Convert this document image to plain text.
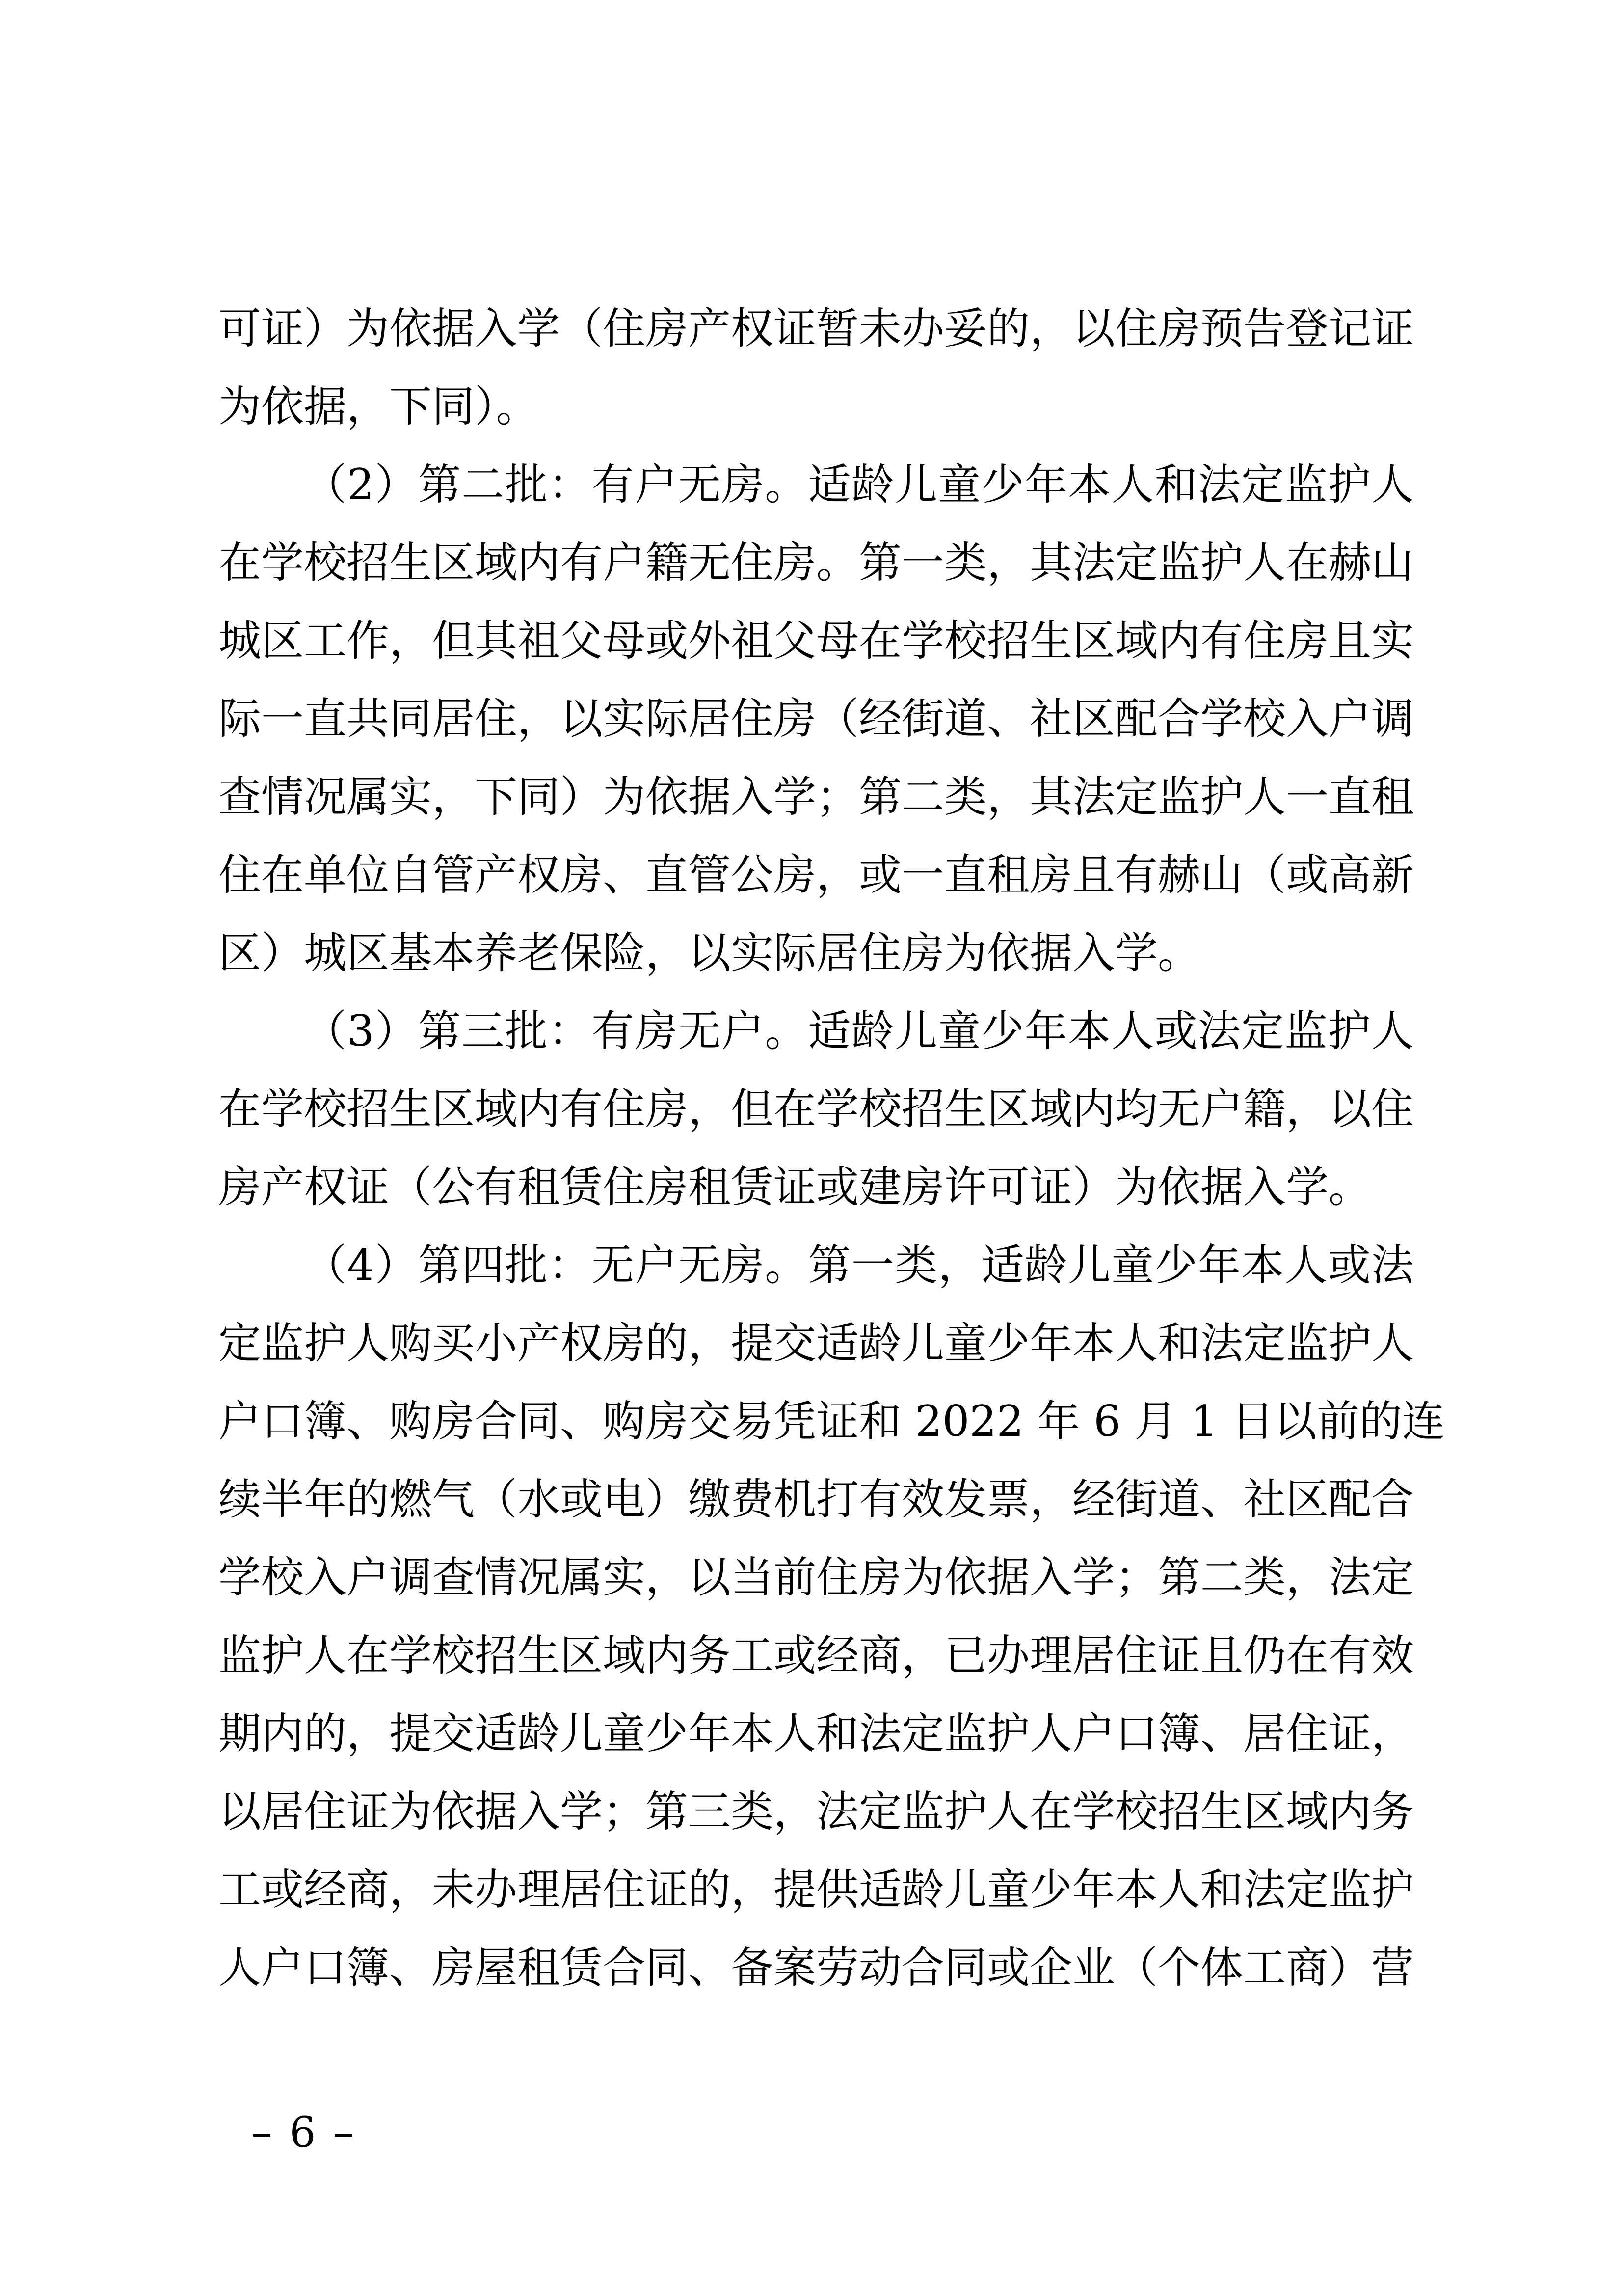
可证）为依据入学（住房产权证暂未办妥的，以住房预告登记证
为依据，下同）。
（2）第二批：有户无房。适龄儿童少年本人和法定监护人
在学校招生区域内有户籍无住房。第一类，其法定监护人在赫山
城区工作，但其祖父母或外祖父母在学校招生区域内有住房且实
际一直共同居住，以实际居住房（经街道、社区配合学校入户调
查情况属实，下同）为依据入学；第二类，其法定监护人一直租
住在单位自管产权房、直管公房，或一直租房且有赫山（或高新
区）城区基本养老保险，以实际居住房为依据入学。
（3）第三批：有房无户。适龄儿童少年本人或法定监护人
在学校招生区域内有住房，但在学校招生区域内均无户籍，以住
房产权证（公有租赁住房租赁证或建房许可证）为依据入学。
（4）第四批：无户无房。第一类，适龄儿童少年本人或法
定监护人购买小产权房的，提交适龄儿童少年本人和法定监护人
户口簿、购房合同、购房交易凭证和 2022 年 6 月 1 日以前的连
续半年的燃气（水或电）缴费机打有效发票，经街道、社区配合
学校入户调查情况属实，以当前住房为依据入学；第二类，法定
监护人在学校招生区域内务工或经商，已办理居住证且仍在有效
期内的，提交适龄儿童少年本人和法定监护人户口簿、居住证，
以居住证为依据入学；第三类，法定监护人在学校招生区域内务
工或经商，未办理居住证的，提供适龄儿童少年本人和法定监护
人户口簿、房屋租赁合同、备案劳动合同或企业（个体工商）营
– 6 –
